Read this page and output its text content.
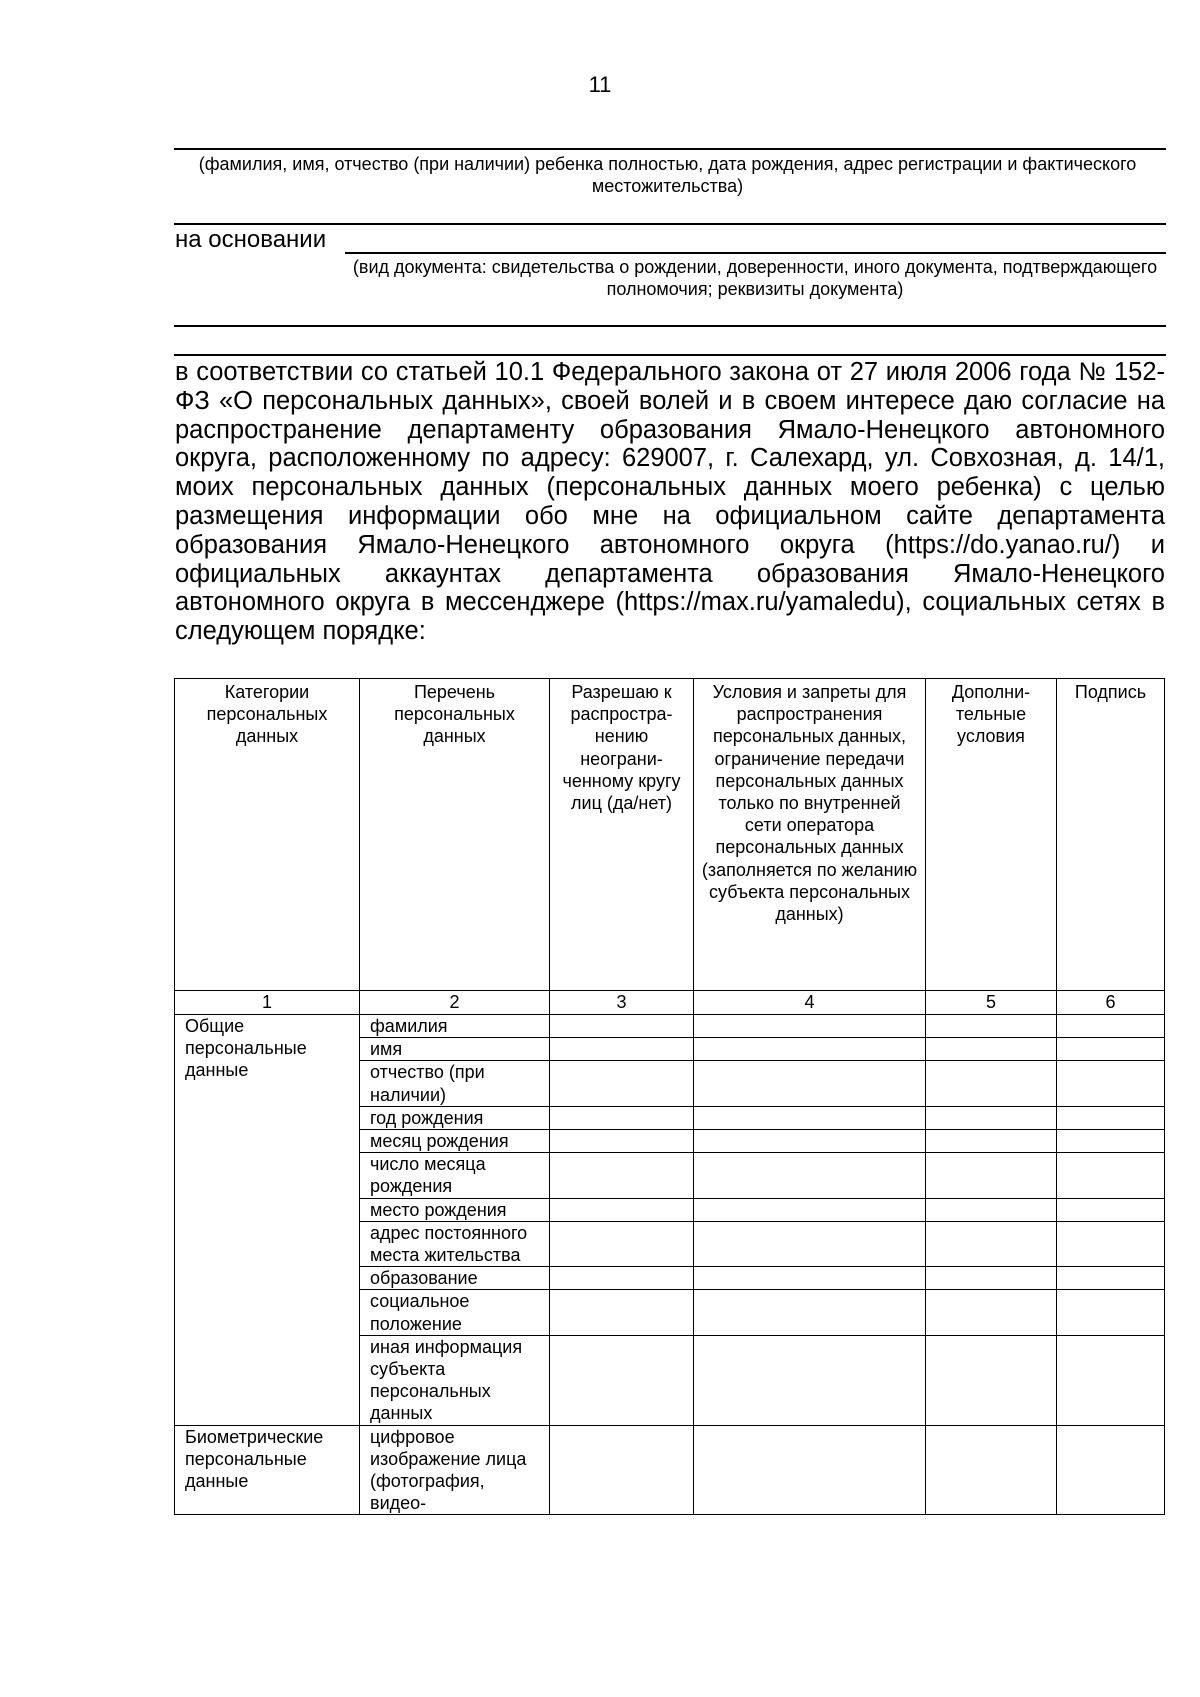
11
(фамилия, имя, отчество (при наличии) ребенка полностью, дата рождения, адрес регистрации и фактического местожительства)
на основании
(вид документа: свидетельства о рождении, доверенности, иного документа, подтверждающего полномочия; реквизиты документа)
в соответствии со статьей 10.1 Федерального закона от 27 июля 2006 года № 152-ФЗ «О персональных данных», своей волей и в своем интересе даю согласие на распространение департаменту образования Ямало-Ненецкого автономного округа, расположенному по адресу: 629007, г. Салехард, ул. Совхозная, д. 14/1, моих персональных данных (персональных данных моего ребенка) с целью размещения информации обо мне на официальном сайте департамента образования Ямало-Ненецкого автономного округа (https://do.yanao.ru/) и официальных аккаунтах департамента образования Ямало-Ненецкого автономного округа в мессенджере (https://max.ru/yamaledu), социальных сетях в следующем порядке:
Категории персональных данных	Перечень персональных данных	Разрешаю к распростра-нению неограни-ченному кругу лиц (да/нет)	Условия и запреты для распространения персональных данных, ограничение передачи персональных данных только по внутренней сети оператора персональных данных (заполняется по желанию субъекта персональных данных)	Дополни-тельные условия	Подпись
1	2	3	4	5	6
Общие персональные данные	фамилия				
	имя				
	отчество (при наличии)				
	год рождения				
	месяц рождения				
	число месяца рождения				
	место рождения				
	адрес постоянного места жительства				
	образование				
	социальное положение				
	иная информация субъекта персональных данных				
Биометрические персональные данные	цифровое изображение лица (фотография, видео-				
